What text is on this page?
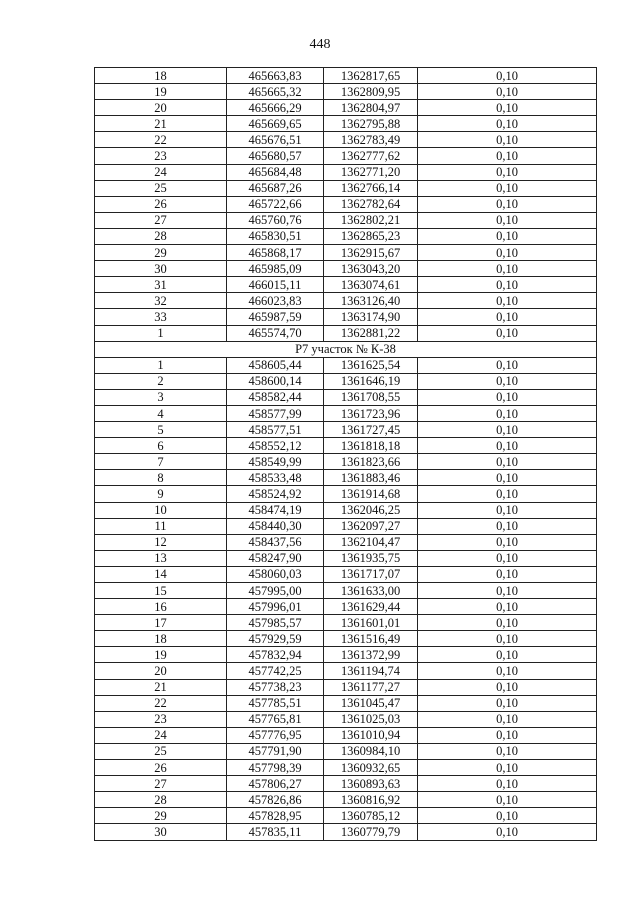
448
18	465663,83	1362817,65	0,10
19	465665,32	1362809,95	0,10
20	465666,29	1362804,97	0,10
21	465669,65	1362795,88	0,10
22	465676,51	1362783,49	0,10
23	465680,57	1362777,62	0,10
24	465684,48	1362771,20	0,10
25	465687,26	1362766,14	0,10
26	465722,66	1362782,64	0,10
27	465760,76	1362802,21	0,10
28	465830,51	1362865,23	0,10
29	465868,17	1362915,67	0,10
30	465985,09	1363043,20	0,10
31	466015,11	1363074,61	0,10
32	466023,83	1363126,40	0,10
33	465987,59	1363174,90	0,10
1	465574,70	1362881,22	0,10
Р7 участок № К-38			
1	458605,44	1361625,54	0,10
2	458600,14	1361646,19	0,10
3	458582,44	1361708,55	0,10
4	458577,99	1361723,96	0,10
5	458577,51	1361727,45	0,10
6	458552,12	1361818,18	0,10
7	458549,99	1361823,66	0,10
8	458533,48	1361883,46	0,10
9	458524,92	1361914,68	0,10
10	458474,19	1362046,25	0,10
11	458440,30	1362097,27	0,10
12	458437,56	1362104,47	0,10
13	458247,90	1361935,75	0,10
14	458060,03	1361717,07	0,10
15	457995,00	1361633,00	0,10
16	457996,01	1361629,44	0,10
17	457985,57	1361601,01	0,10
18	457929,59	1361516,49	0,10
19	457832,94	1361372,99	0,10
20	457742,25	1361194,74	0,10
21	457738,23	1361177,27	0,10
22	457785,51	1361045,47	0,10
23	457765,81	1361025,03	0,10
24	457776,95	1361010,94	0,10
25	457791,90	1360984,10	0,10
26	457798,39	1360932,65	0,10
27	457806,27	1360893,63	0,10
28	457826,86	1360816,92	0,10
29	457828,95	1360785,12	0,10
30	457835,11	1360779,79	0,10
